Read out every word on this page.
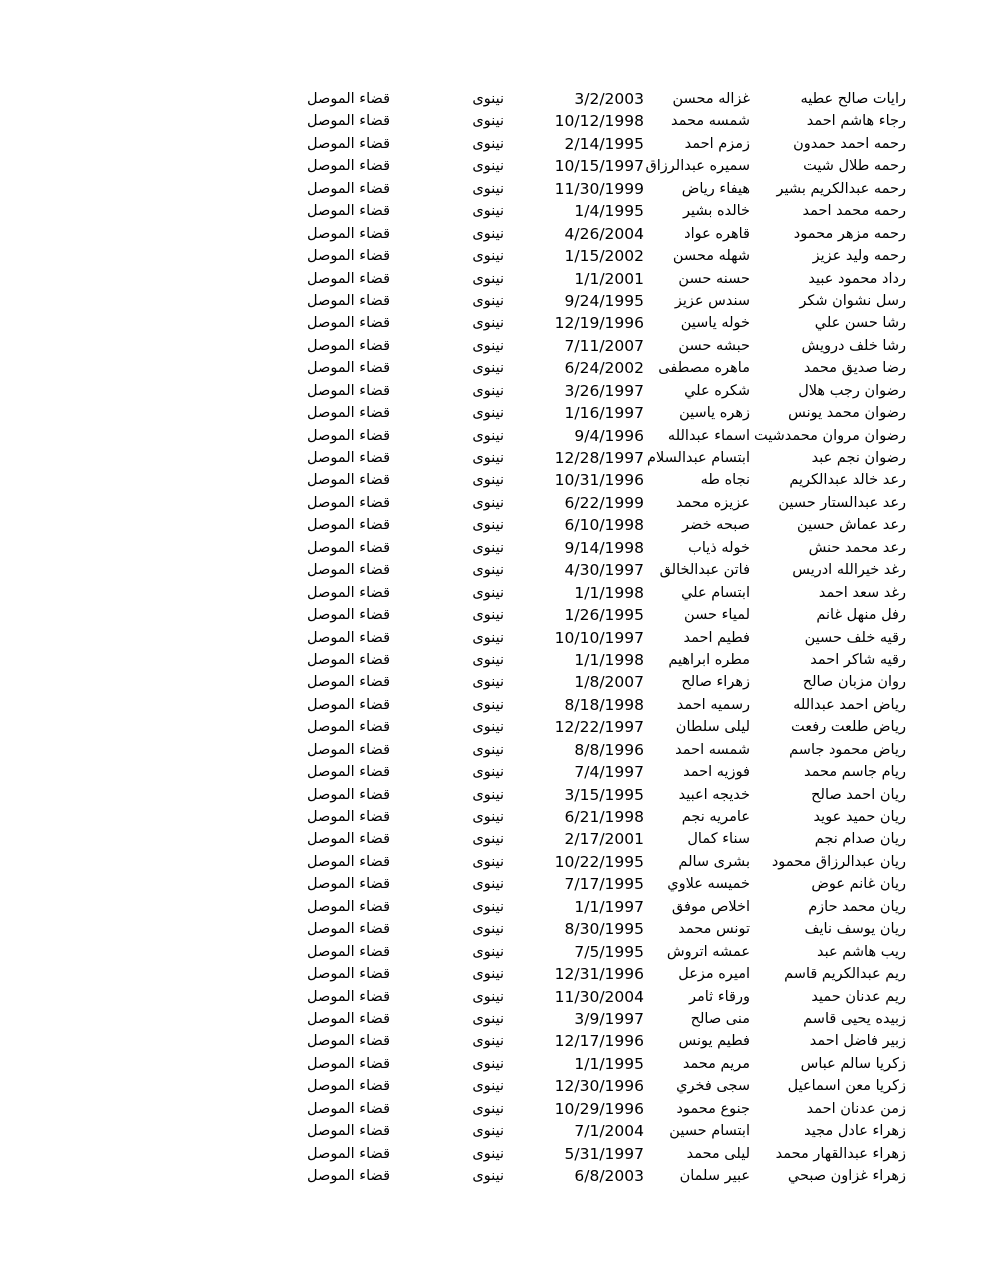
رايات صالح عطيه
غزاله محسن
3/2/2003
نينوى
قضاء الموصل
رجاء هاشم احمد
شمسه محمد
10/12/1998
نينوى
قضاء الموصل
رحمه احمد حمدون
زمزم احمد
2/14/1995
نينوى
قضاء الموصل
رحمه طلال شيت
سميره عبدالرزاق
10/15/1997
نينوى
قضاء الموصل
رحمه عبدالكريم بشير
هيفاء رياض
11/30/1999
نينوى
قضاء الموصل
رحمه محمد احمد
خالده بشير
1/4/1995
نينوى
قضاء الموصل
رحمه مزهر محمود
قاهره عواد
4/26/2004
نينوى
قضاء الموصل
رحمه وليد عزيز
شهله محسن
1/15/2002
نينوى
قضاء الموصل
رداد محمود عبيد
حسنه حسن
1/1/2001
نينوى
قضاء الموصل
رسل نشوان شكر
سندس عزيز
9/24/1995
نينوى
قضاء الموصل
رشا حسن علي
خوله ياسين
12/19/1996
نينوى
قضاء الموصل
رشا خلف درويش
حبشه حسن
7/11/2007
نينوى
قضاء الموصل
رضا صديق محمد
ماهره مصطفى
6/24/2002
نينوى
قضاء الموصل
رضوان رجب هلال
شكره علي
3/26/1997
نينوى
قضاء الموصل
رضوان محمد يونس
زهره ياسين
1/16/1997
نينوى
قضاء الموصل
رضوان مروان محمدشيت
اسماء عبدالله
9/4/1996
نينوى
قضاء الموصل
رضوان نجم عبد
ابتسام عبدالسلام
12/28/1997
نينوى
قضاء الموصل
رعد خالد عبدالكريم
نجاه طه
10/31/1996
نينوى
قضاء الموصل
رعد عبدالستار حسين
عزيزه محمد
6/22/1999
نينوى
قضاء الموصل
رعد عماش حسين
صبحه خضر
6/10/1998
نينوى
قضاء الموصل
رعد محمد حنش
خوله ذياب
9/14/1998
نينوى
قضاء الموصل
رغد خيرالله ادريس
فاتن عبدالخالق
4/30/1997
نينوى
قضاء الموصل
رغد سعد احمد
ابتسام علي
1/1/1998
نينوى
قضاء الموصل
رفل منهل غانم
لمياء حسن
1/26/1995
نينوى
قضاء الموصل
رقيه خلف حسين
فطيم احمد
10/10/1997
نينوى
قضاء الموصل
رقيه شاكر احمد
مطره ابراهيم
1/1/1998
نينوى
قضاء الموصل
روان مزبان صالح
زهراء صالح
1/8/2007
نينوى
قضاء الموصل
رياض احمد عبدالله
رسميه احمد
8/18/1998
نينوى
قضاء الموصل
رياض طلعت رفعت
ليلى سلطان
12/22/1997
نينوى
قضاء الموصل
رياض محمود جاسم
شمسه احمد
8/8/1996
نينوى
قضاء الموصل
ريام جاسم محمد
فوزيه احمد
7/4/1997
نينوى
قضاء الموصل
ريان احمد صالح
خديجه اعبيد
3/15/1995
نينوى
قضاء الموصل
ريان حميد عويد
عامريه نجم
6/21/1998
نينوى
قضاء الموصل
ريان صدام نجم
سناء كمال
2/17/2001
نينوى
قضاء الموصل
ريان عبدالرزاق محمود
بشرى سالم
10/22/1995
نينوى
قضاء الموصل
ريان غانم عوض
خميسه علاوي
7/17/1995
نينوى
قضاء الموصل
ريان محمد حازم
اخلاص موفق
1/1/1997
نينوى
قضاء الموصل
ريان يوسف نايف
تونس محمد
8/30/1995
نينوى
قضاء الموصل
ريب هاشم عبد
عمشه اتروش
7/5/1995
نينوى
قضاء الموصل
ريم عبدالكريم قاسم
اميره مزعل
12/31/1996
نينوى
قضاء الموصل
ريم عدنان حميد
ورقاء ثامر
11/30/2004
نينوى
قضاء الموصل
زبيده يحيى قاسم
منى صالح
3/9/1997
نينوى
قضاء الموصل
زبير فاضل احمد
فطيم يونس
12/17/1996
نينوى
قضاء الموصل
زكريا سالم عباس
مريم محمد
1/1/1995
نينوى
قضاء الموصل
زكريا معن اسماعيل
سجى فخري
12/30/1996
نينوى
قضاء الموصل
زمن عدنان احمد
جنوع محمود
10/29/1996
نينوى
قضاء الموصل
زهراء عادل مجيد
ابتسام حسين
7/1/2004
نينوى
قضاء الموصل
زهراء عبدالقهار محمد
ليلى محمد
5/31/1997
نينوى
قضاء الموصل
زهراء غزاون صبحي
عبير سلمان
6/8/2003
نينوى
قضاء الموصل
